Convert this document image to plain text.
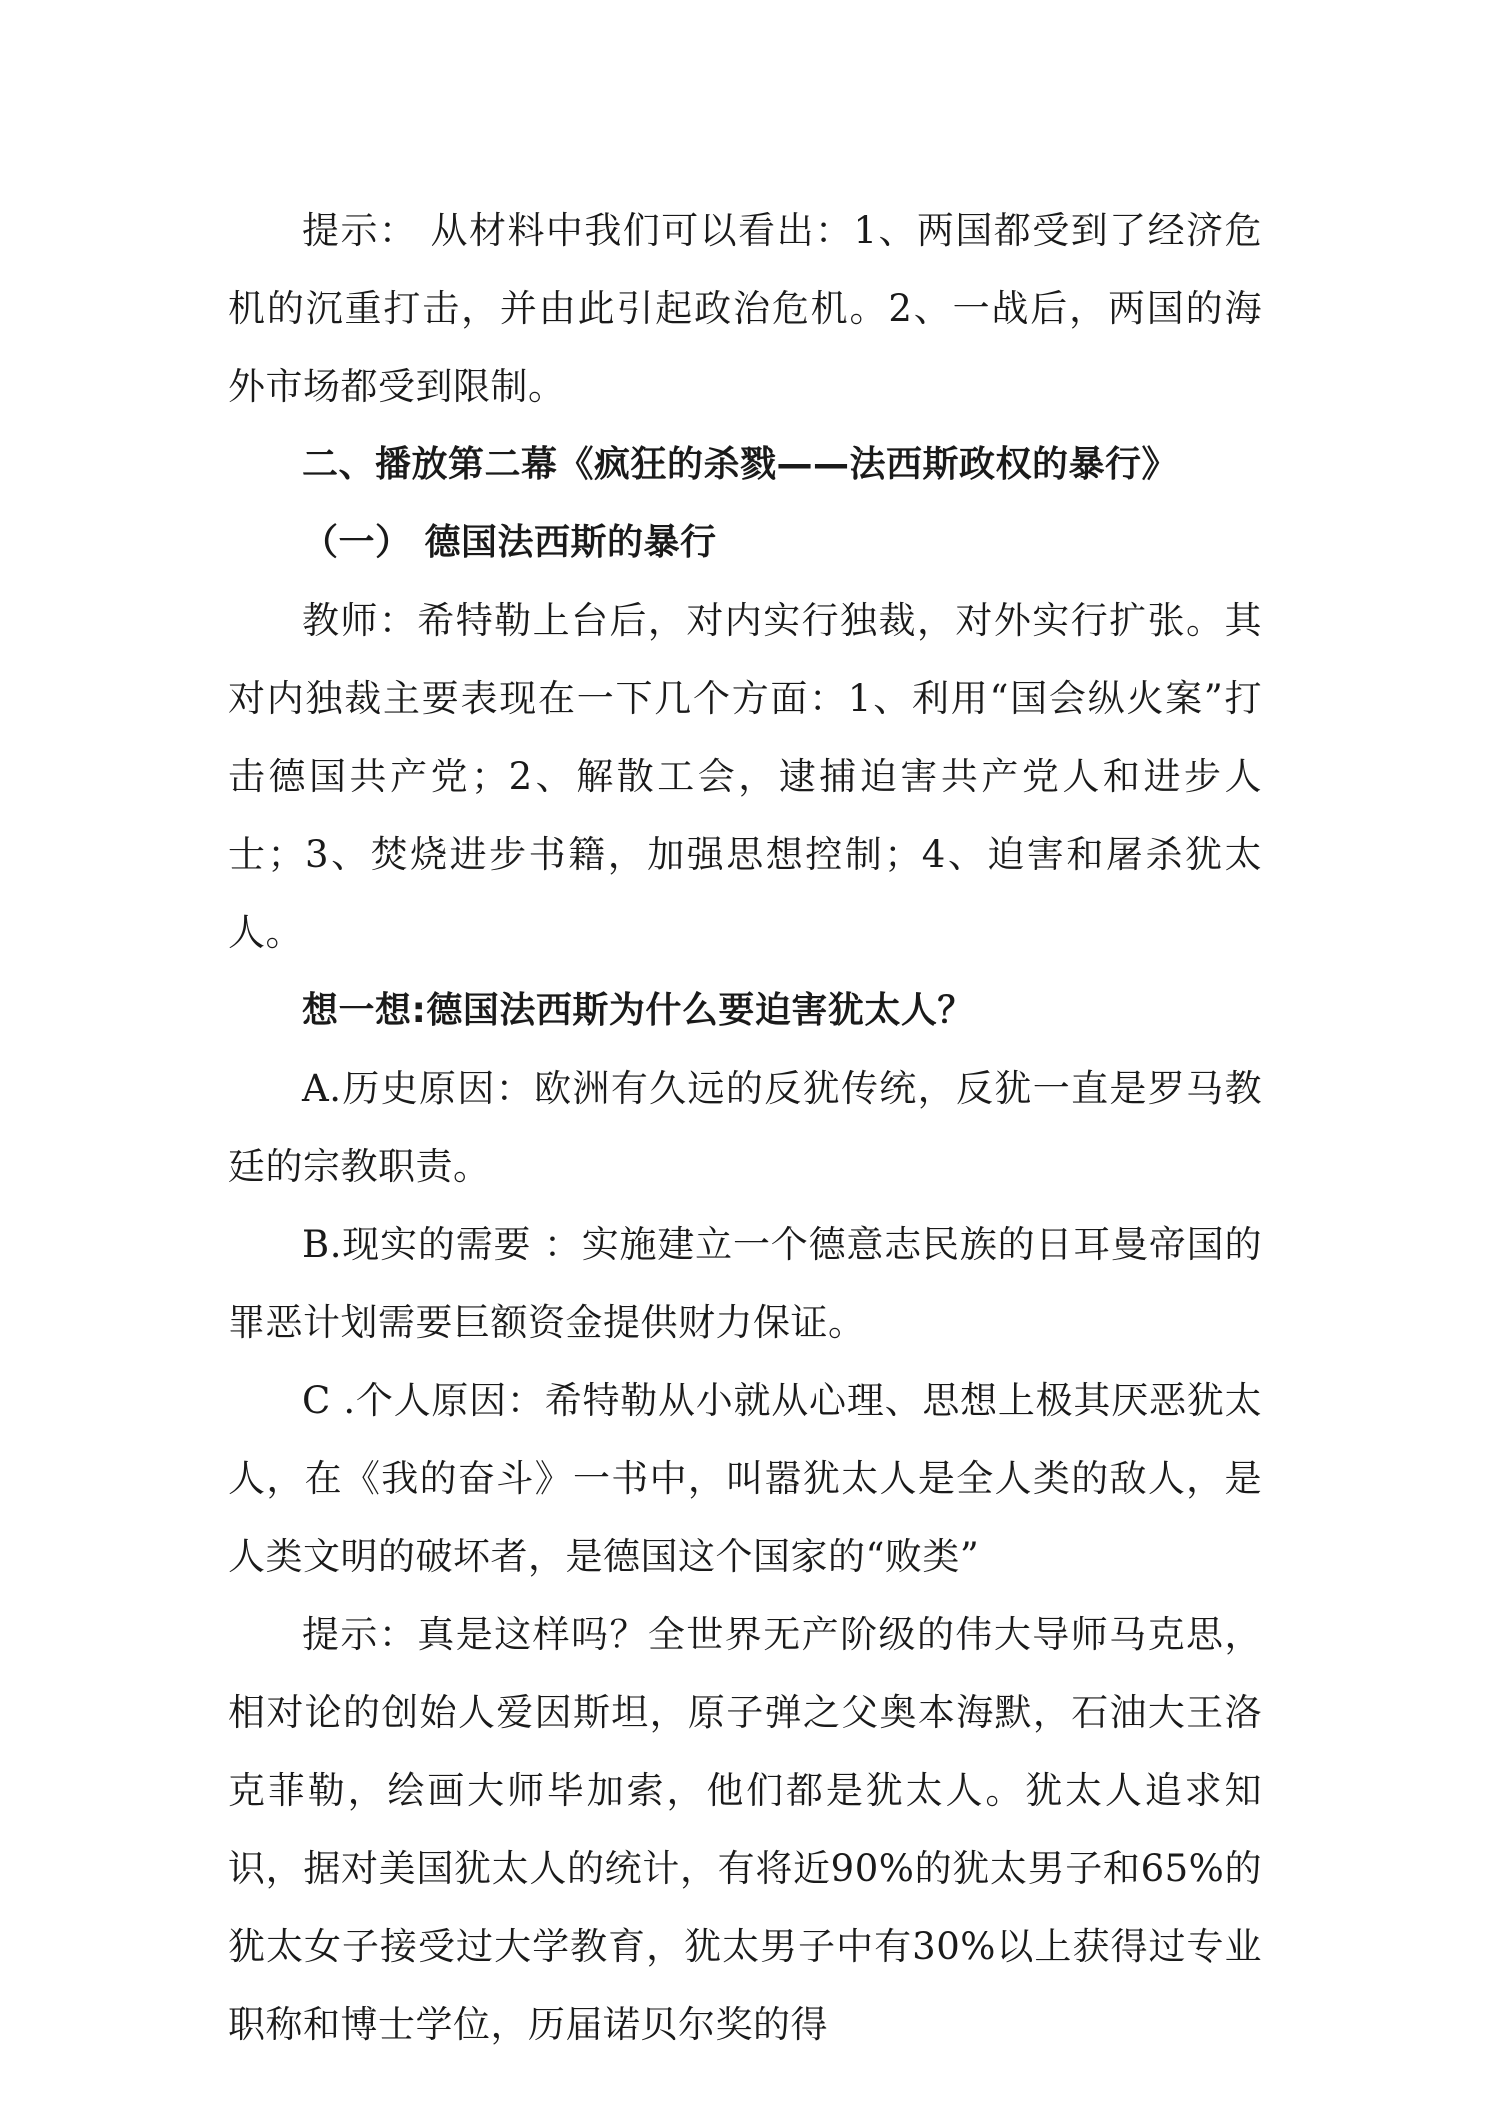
提示： 从材料中我们可以看出：1、两国都受到了经济危机的沉重打击，并由此引起政治危机。2、一战后，两国的海外市场都受到限制。

二、播放第二幕《疯狂的杀戮——法西斯政权的暴行》

（一） 德国法西斯的暴行

教师：希特勒上台后，对内实行独裁，对外实行扩张。其对内独裁主要表现在一下几个方面：1、利用“国会纵火案”打击德国共产党；2、解散工会，逮捕迫害共产党人和进步人士；3、焚烧进步书籍，加强思想控制；4、迫害和屠杀犹太人。

想一想:德国法西斯为什么要迫害犹太人？

A.历史原因：欧洲有久远的反犹传统，反犹一直是罗马教廷的宗教职责。

B.现实的需要 ：实施建立一个德意志民族的日耳曼帝国的罪恶计划需要巨额资金提供财力保证。

C .个人原因：希特勒从小就从心理、思想上极其厌恶犹太人，在《我的奋斗》一书中，叫嚣犹太人是全人类的敌人，是人类文明的破坏者，是德国这个国家的“败类”

提示：真是这样吗？全世界无产阶级的伟大导师马克思，相对论的创始人爱因斯坦，原子弹之父奥本海默，石油大王洛克菲勒，绘画大师毕加索，他们都是犹太人。犹太人追求知识，据对美国犹太人的统计，有将近90%的犹太男子和65%的犹太女子接受过大学教育，犹太男子中有30%以上获得过专业职称和博士学位，历届诺贝尔奖的得
